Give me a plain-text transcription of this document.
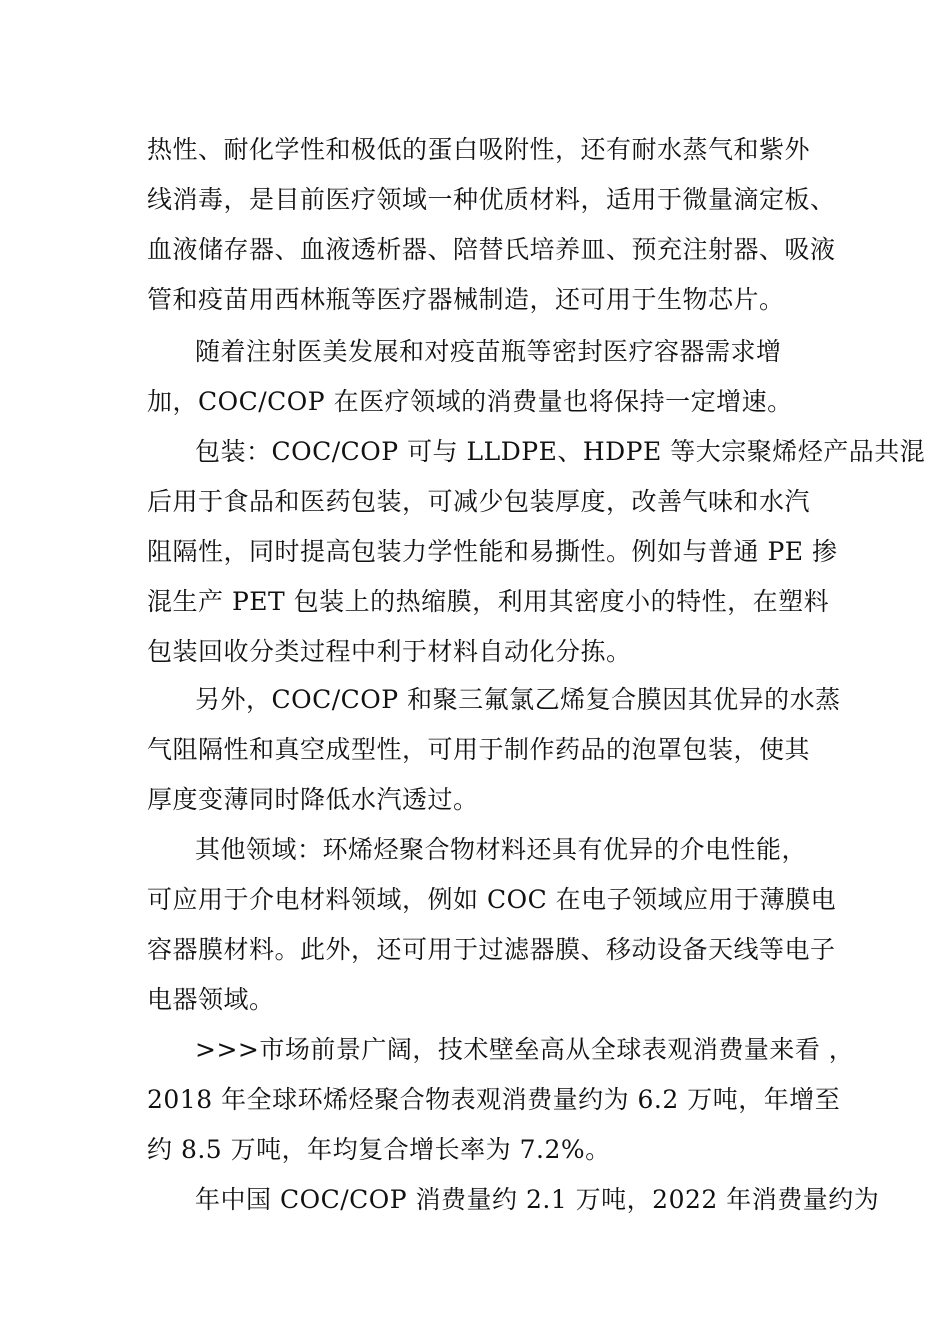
热性、耐化学性和极低的蛋白吸附性，还有耐水蒸气和紫外
线消毒，是目前医疗领域一种优质材料，适用于微量滴定板、
血液储存器、血液透析器、陪替氏培养皿、预充注射器、吸液
管和疫苗用西林瓶等医疗器械制造，还可用于生物芯片。
随着注射医美发展和对疫苗瓶等密封医疗容器需求增
加，COC/COP 在医疗领域的消费量也将保持一定增速。
包装：COC/COP 可与 LLDPE、HDPE 等大宗聚烯烃产品共混
后用于食品和医药包装，可减少包装厚度，改善气味和水汽
阻隔性，同时提高包装力学性能和易撕性。例如与普通 PE 掺
混生产 PET 包装上的热缩膜，利用其密度小的特性，在塑料
包装回收分类过程中利于材料自动化分拣。
另外，COC/COP 和聚三氟氯乙烯复合膜因其优异的水蒸
气阻隔性和真空成型性，可用于制作药品的泡罩包装，使其
厚度变薄同时降低水汽透过。
其他领域：环烯烃聚合物材料还具有优异的介电性能，
可应用于介电材料领域，例如 COC 在电子领域应用于薄膜电
容器膜材料。此外，还可用于过滤器膜、移动设备天线等电子
电器领域。
>>>市场前景广阔，技术壁垒高从全球表观消费量来看 ，
2018 年全球环烯烃聚合物表观消费量约为 6.2 万吨，年增至
约 8.5 万吨，年均复合增长率为 7.2%。
年中国 COC/COP 消费量约 2.1 万吨，2022 年消费量约为
